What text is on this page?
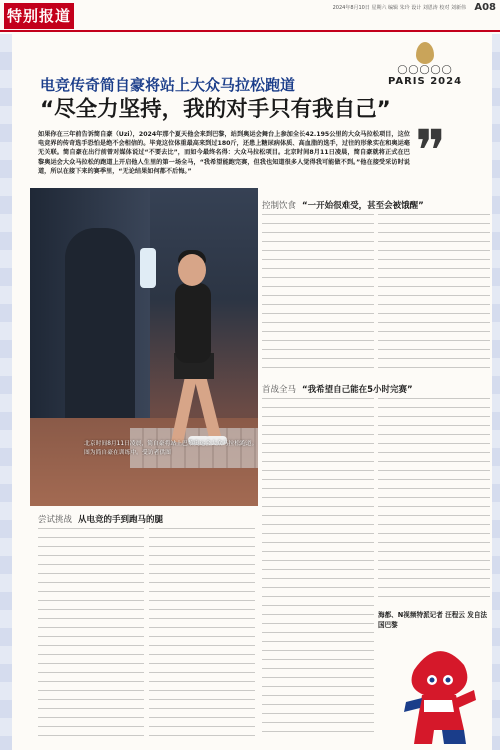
特别报道	2024年8月10日 星期六 编辑 朱玲 设计 刘恩涛 校对 刘新伟 A08
◯◯◯◯◯
PARIS 2024
电竞传奇简自豪将站上大众马拉松跑道
“尽全力坚持，我的对手只有我自己”
如果你在三年前告诉简自豪（Uzi），2024年那个夏天他会来到巴黎，站到奥运会舞台上参加全长42.195公里的大众马拉松项目，这位电竞界的传奇选手恐怕是绝不会相信的。毕竟这位体重最高来到过180斤，还患上糖尿病体质、高血脂的选手，过往的形象实在和奥运毫无关联。简自豪在出行前曾对媒体说过“不要去比”，而如今最终名得：大众马拉松项目。北京时间8月11日凌晨，简自豪就将正式在巴黎奥运会大众马拉松的跑道上开启他人生里的第一场全马，“我希望能跑完赛，但我也知道很多人觉得我可能做不到。”他在接受采访时说道，所以在接下来的赛季里，“无论结果如何都不后悔。”	❞
北京时间8月11日凌晨，简自豪将站上巴黎奥运会大众马拉松跑道。图为简自豪在训练中。受访者供图
控制饮食 “一开始很难受，甚至会被饿醒”
首战全马 “我希望自己能在5小时完赛”
尝试挑战 从电竞的手到跑马的腿
海都、N视频特派记者 汪程云 发自法国巴黎
